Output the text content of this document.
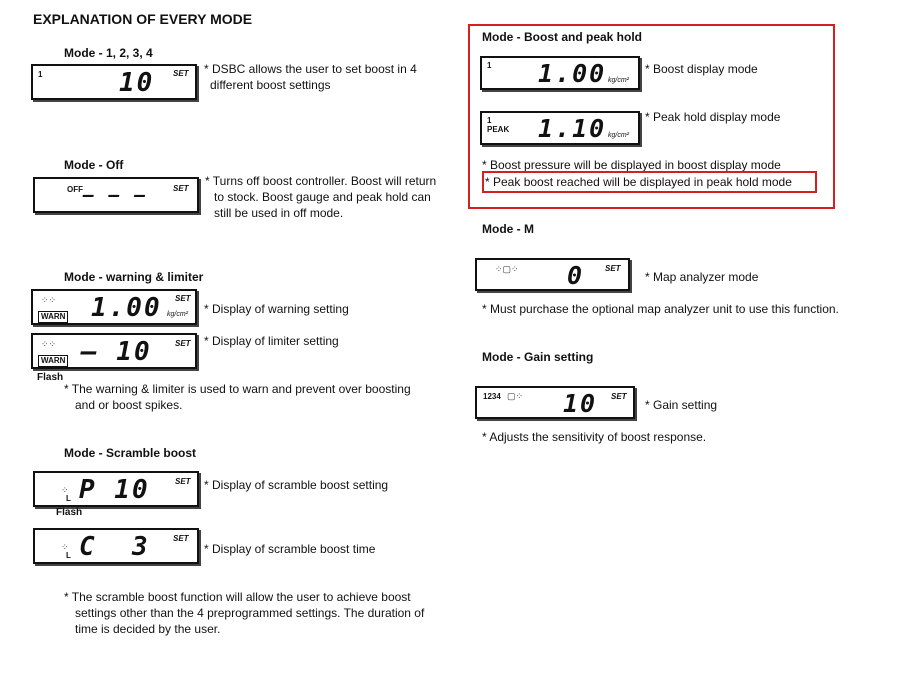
EXPLANATION OF EVERY MODE
Mode - 1, 2, 3, 4
1	10 SET * DSBC allows the user to set boost in 4
different boost settings
Mode - Off
OFF – – –	SET
* Turns off boost controller. Boost will return
to stock. Boost gauge and peak hold can
still be used in off mode.
Mode - warning & limiter
⁘⁘
WARN 1.00 SET
kg/cm² * Display of warning setting
⁘⁘
WARN – 10	SET * Display of limiter setting
Flash
* The warning & limiter is used to warn and prevent over boosting
and or boost spikes.
Mode - Scramble boost
⁘
L P 10	SET * Display of scramble boost setting
Flash
⁘
L C  3	SET
* Display of scramble boost time
* The scramble boost function will allow the user to achieve boost
settings other than the 4 preprogrammed settings. The duration of
time is decided by the user.
Mode - Boost and peak hold
1 1.00 kg/cm²
* Boost display mode
1
PEAK 1.10 kg/cm²
* Peak hold display mode
* Boost pressure will be displayed in boost display mode
* Peak boost reached will be displayed in peak hold mode
Mode - M
⁘▢⁘ 0	SET
* Map analyzer mode
* Must purchase the optional map analyzer unit to use this function.
Mode - Gain setting
1234 ▢⁘ 10 SET
* Gain setting
* Adjusts the sensitivity of boost response.
